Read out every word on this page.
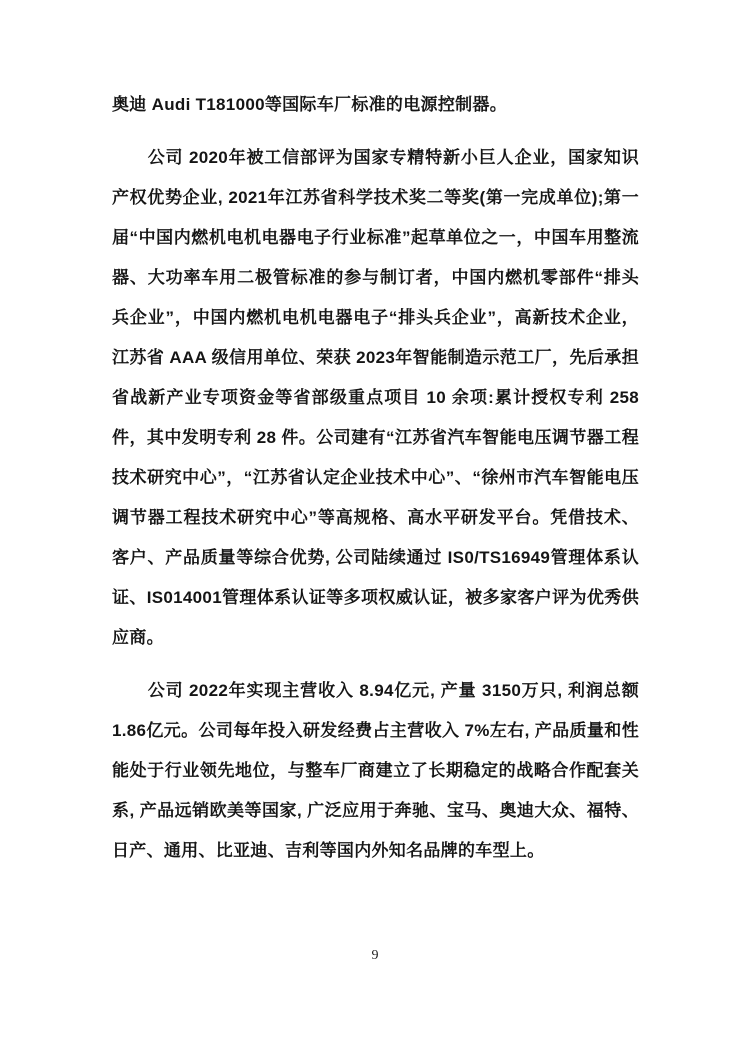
奥迪 Audi T181000等国际车厂标准的电源控制器。

公司 2020年被工信部评为国家专精特新小巨人企业，国家知识产权优势企业, 2021年江苏省科学技术奖二等奖(第一完成单位);第一届“中国内燃机电机电器电子行业标准”起草单位之一，中国车用整流器、大功率车用二极管标准的参与制订者，中国内燃机零部件“排头兵企业”，中国内燃机电机电器电子“排头兵企业”，高新技术企业，江苏省 AAA 级信用单位、荣获 2023年智能制造示范工厂，先后承担省战新产业专项资金等省部级重点项目 10 余项:累计授权专利 258 件，其中发明专利 28 件。公司建有“江苏省汽车智能电压调节器工程技术研究中心”，“江苏省认定企业技术中心”、“徐州市汽车智能电压调节器工程技术研究中心”等高规格、高水平研发平台。凭借技术、客户、产品质量等综合优势, 公司陆续通过 IS0/TS16949管理体系认证、IS014001管理体系认证等多项权威认证，被多家客户评为优秀供应商。

公司 2022年实现主营收入 8.94亿元, 产量 3150万只, 利润总额 1.86亿元。公司每年投入研发经费占主营收入 7%左右, 产品质量和性能处于行业领先地位，与整车厂商建立了长期稳定的战略合作配套关系, 产品远销欧美等国家, 广泛应用于奔驰、宝马、奥迪大众、福特、日产、通用、比亚迪、吉利等国内外知名品牌的车型上。

9
